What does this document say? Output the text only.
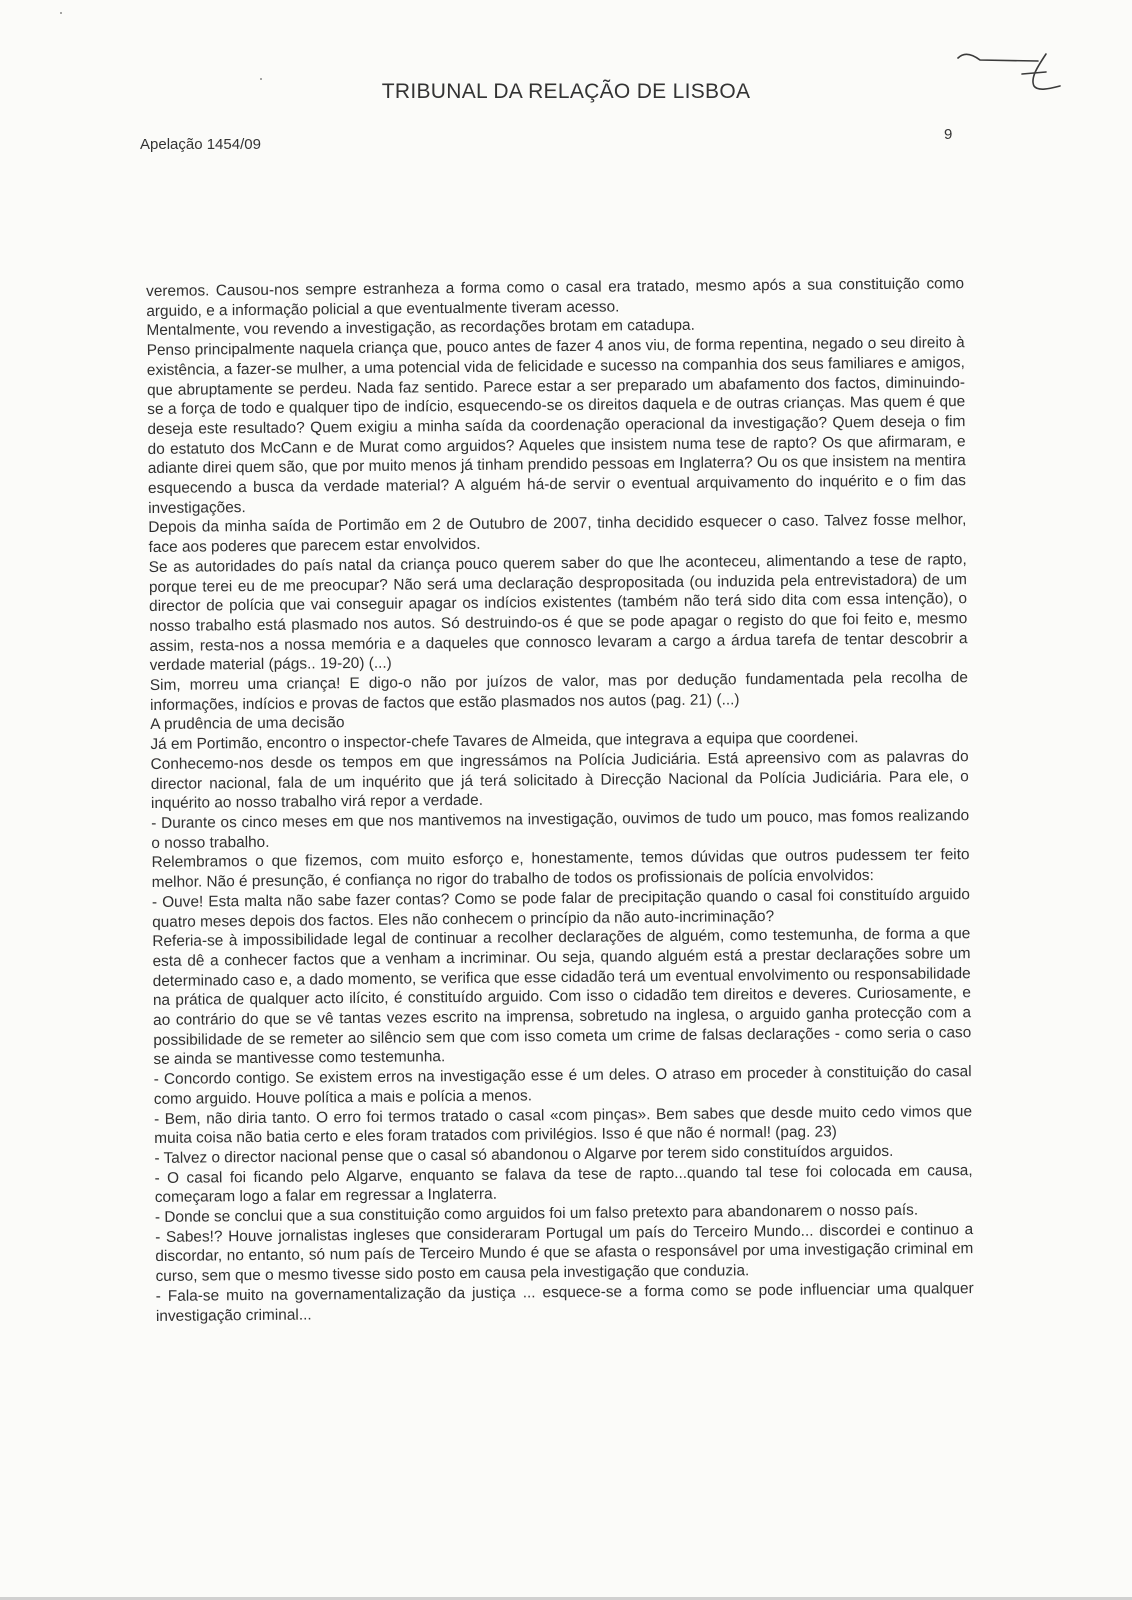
TRIBUNAL DA RELAÇÃO DE LISBOA
Apelação 1454/09
9

veremos. Causou-nos sempre estranheza a forma como o casal era tratado, mesmo após a sua constituição como arguido, e a informação policial a que eventualmente tiveram acesso.

Mentalmente, vou revendo a investigação, as recordações brotam em catadupa.

Penso principalmente naquela criança que, pouco antes de fazer 4 anos viu, de forma repentina, negado o seu direito à existência, a fazer-se mulher, a uma potencial vida de felicidade e sucesso na companhia dos seus familiares e amigos, que abruptamente se perdeu. Nada faz sentido. Parece estar a ser preparado um abafamento dos factos, diminuindo-se a força de todo e qualquer tipo de indício, esquecendo-se os direitos daquela e de outras crianças. Mas quem é que deseja este resultado? Quem exigiu a minha saída da coordenação operacional da investigação? Quem deseja o fim do estatuto dos McCann e de Murat como arguidos? Aqueles que insistem numa tese de rapto? Os que afirmaram, e adiante direi quem são, que por muito menos já tinham prendido pessoas em Inglaterra? Ou os que insistem na mentira esquecendo a busca da verdade material? A alguém há-de servir o eventual arquivamento do inquérito e o fim das investigações.

Depois da minha saída de Portimão em 2 de Outubro de 2007, tinha decidido esquecer o caso. Talvez fosse melhor, face aos poderes que parecem estar envolvidos.

Se as autoridades do país natal da criança pouco querem saber do que lhe aconteceu, alimentando a tese de rapto, porque terei eu de me preocupar? Não será uma declaração despropositada (ou induzida pela entrevistadora) de um director de polícia que vai conseguir apagar os indícios existentes (também não terá sido dita com essa intenção), o nosso trabalho está plasmado nos autos. Só destruindo-os é que se pode apagar o registo do que foi feito e, mesmo assim, resta-nos a nossa memória e a daqueles que connosco levaram a cargo a árdua tarefa de tentar descobrir a verdade material (págs.. 19-20) (...)

Sim, morreu uma criança! E digo-o não por juízos de valor, mas por dedução fundamentada pela recolha de informações, indícios e provas de factos que estão plasmados nos autos (pag. 21) (...)

A prudência de uma decisão

Já em Portimão, encontro o inspector-chefe Tavares de Almeida, que integrava a equipa que coordenei.

Conhecemo-nos desde os tempos em que ingressámos na Polícia Judiciária. Está apreensivo com as palavras do director nacional, fala de um inquérito que já terá solicitado à Direcção Nacional da Polícia Judiciária. Para ele, o inquérito ao nosso trabalho virá repor a verdade.

- Durante os cinco meses em que nos mantivemos na investigação, ouvimos de tudo um pouco, mas fomos realizando o nosso trabalho.

Relembramos o que fizemos, com muito esforço e, honestamente, temos dúvidas que outros pudessem ter feito melhor. Não é presunção, é confiança no rigor do trabalho de todos os profissionais de polícia envolvidos:

- Ouve! Esta malta não sabe fazer contas? Como se pode falar de precipitação quando o casal foi constituído arguido quatro meses depois dos factos. Eles não conhecem o princípio da não auto-incriminação?

Referia-se à impossibilidade legal de continuar a recolher declarações de alguém, como testemunha, de forma a que esta dê a conhecer factos que a venham a incriminar. Ou seja, quando alguém está a prestar declarações sobre um determinado caso e, a dado momento, se verifica que esse cidadão terá um eventual envolvimento ou responsabilidade na prática de qualquer acto ilícito, é constituído arguido. Com isso o cidadão tem direitos e deveres. Curiosamente, e ao contrário do que se vê tantas vezes escrito na imprensa, sobretudo na inglesa, o arguido ganha protecção com a possibilidade de se remeter ao silêncio sem que com isso cometa um crime de falsas declarações - como seria o caso se ainda se mantivesse como testemunha.

- Concordo contigo. Se existem erros na investigação esse é um deles. O atraso em proceder à constituição do casal como arguido. Houve política a mais e polícia a menos.

- Bem, não diria tanto. O erro foi termos tratado o casal «com pinças». Bem sabes que desde muito cedo vimos que muita coisa não batia certo e eles foram tratados com privilégios. Isso é que não é normal! (pag. 23)

- Talvez o director nacional pense que o casal só abandonou o Algarve por terem sido constituídos arguidos.

- O casal foi ficando pelo Algarve, enquanto se falava da tese de rapto...quando tal tese foi colocada em causa, começaram logo a falar em regressar a Inglaterra.

- Donde se conclui que a sua constituição como arguidos foi um falso pretexto para abandonarem o nosso país.

- Sabes!? Houve jornalistas ingleses que consideraram Portugal um país do Terceiro Mundo... discordei e continuo a discordar, no entanto, só num país de Terceiro Mundo é que se afasta o responsável por uma investigação criminal em curso, sem que o mesmo tivesse sido posto em causa pela investigação que conduzia.

- Fala-se muito na governamentalização da justiça ... esquece-se a forma como se pode influenciar uma qualquer investigação criminal...
